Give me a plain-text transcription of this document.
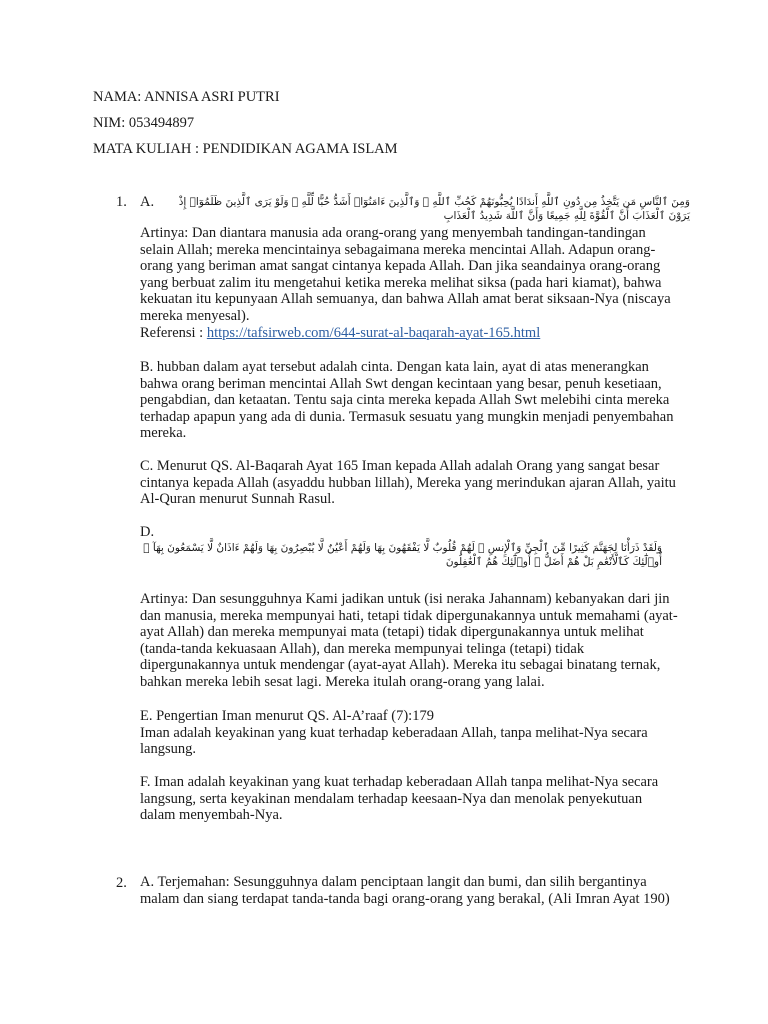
NAMA: ANNISA ASRI PUTRI
NIM: 053494897
MATA KULIAH : PENDIDIKAN AGAMA ISLAM
1. A.	وَمِنَ ٱلنَّاسِ مَن يَتَّخِذُ مِن دُونِ ٱللَّهِ أَندَادًا يُحِبُّونَهُمْ كَحُبِّ ٱللَّهِ ۖ وَٱلَّذِينَ ءَامَنُوٓا۟ أَشَدُّ حُبًّا لِّلَّهِ ۗ وَلَوْ يَرَى ٱلَّذِينَ ظَلَمُوٓا۟ إِذْ يَرَوْنَ ٱلْعَذَابَ أَنَّ ٱلْقُوَّةَ لِلَّهِ جَمِيعًا وَأَنَّ ٱللَّهَ شَدِيدُ ٱلْعَذَابِ

Artinya: Dan diantara manusia ada orang-orang yang menyembah tandingan-tandingan selain Allah; mereka mencintainya sebagaimana mereka mencintai Allah. Adapun orang-orang yang beriman amat sangat cintanya kepada Allah. Dan jika seandainya orang-orang yang berbuat zalim itu mengetahui ketika mereka melihat siksa (pada hari kiamat), bahwa kekuatan itu kepunyaan Allah semuanya, dan bahwa Allah amat berat siksaan-Nya (niscaya mereka menyesal).

Referensi : https://tafsirweb.com/644-surat-al-baqarah-ayat-165.html

B. hubban dalam ayat tersebut adalah cinta. Dengan kata lain, ayat di atas menerangkan bahwa orang beriman mencintai Allah Swt dengan kecintaan yang besar, penuh kesetiaan, pengabdian, dan ketaatan. Tentu saja cinta mereka kepada Allah Swt melebihi cinta mereka terhadap apapun yang ada di dunia. Termasuk sesuatu yang mungkin menjadi penyembahan mereka.

C. Menurut QS. Al-Baqarah Ayat 165 Iman kepada Allah adalah Orang yang sangat besar cintanya kepada Allah (asyaddu hubban lillah), Mereka yang merindukan ajaran Allah, yaitu Al-Quran menurut Sunnah Rasul.

D.

وَلَقَدْ ذَرَأْنَا لِجَهَنَّمَ كَثِيرًا مِّنَ ٱلْجِنِّ وَٱلْإِنسِ ۖ لَهُمْ قُلُوبٌ لَّا يَفْقَهُونَ بِهَا وَلَهُمْ أَعْيُنٌ لَّا يُبْصِرُونَ بِهَا وَلَهُمْ ءَاذَانٌ لَّا يَسْمَعُونَ بِهَآ ۚ أُو۟لَٰٓئِكَ كَٱلْأَنْعَٰمِ بَلْ هُمْ أَضَلُّ ۚ أُو۟لَٰٓئِكَ هُمُ ٱلْغَٰفِلُونَ

Artinya: Dan sesungguhnya Kami jadikan untuk (isi neraka Jahannam) kebanyakan dari jin dan manusia, mereka mempunyai hati, tetapi tidak dipergunakannya untuk memahami (ayat-ayat Allah) dan mereka mempunyai mata (tetapi) tidak dipergunakannya untuk melihat (tanda-tanda kekuasaan Allah), dan mereka mempunyai telinga (tetapi) tidak dipergunakannya untuk mendengar (ayat-ayat Allah). Mereka itu sebagai binatang ternak, bahkan mereka lebih sesat lagi. Mereka itulah orang-orang yang lalai.

E. Pengertian Iman menurut QS. Al-A’raaf (7):179

Iman adalah keyakinan yang kuat terhadap keberadaan Allah, tanpa melihat-Nya secara langsung.

F. Iman adalah keyakinan yang kuat terhadap keberadaan Allah tanpa melihat-Nya secara langsung, serta keyakinan mendalam terhadap keesaan-Nya dan menolak penyekutuan dalam menyembah-Nya.

2. A. Terjemahan: Sesungguhnya dalam penciptaan langit dan bumi, dan silih bergantinya malam dan siang terdapat tanda-tanda bagi orang-orang yang berakal, (Ali Imran Ayat 190)
